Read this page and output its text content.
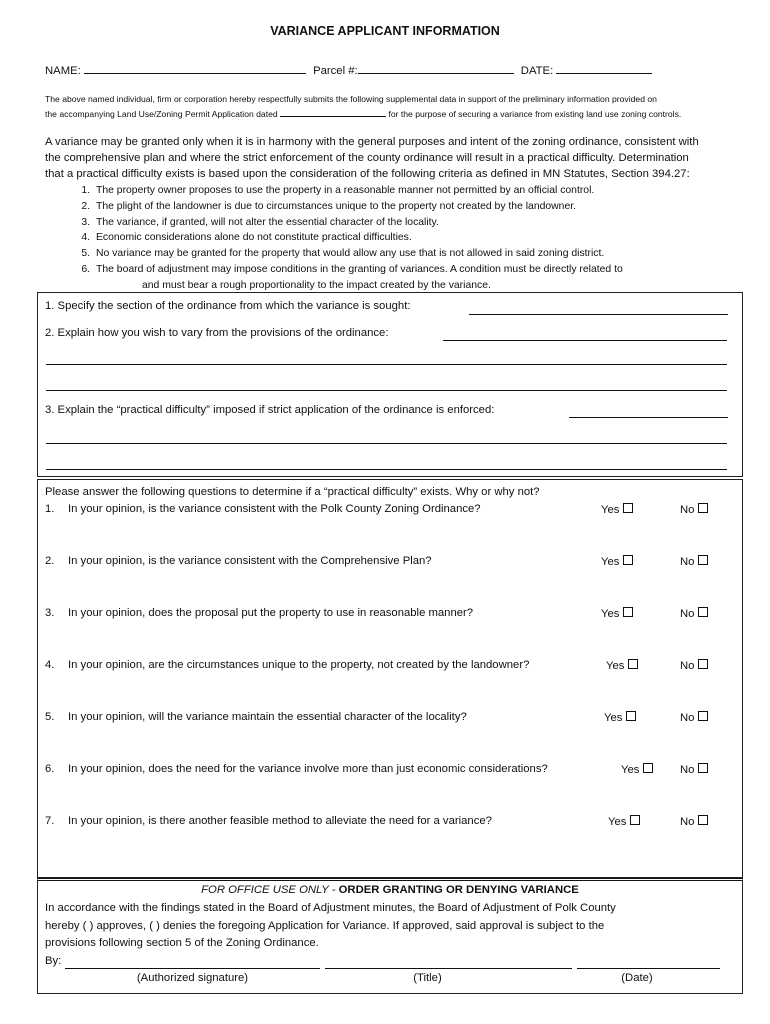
VARIANCE APPLICANT INFORMATION
NAME:	Parcel #:	DATE:
The above named individual, firm or corporation hereby respectfully submits the following supplemental data in support of the preliminary information provided on
the accompanying Land Use/Zoning Permit Application dated	for the purpose of securing a variance from existing land use zoning controls.
A variance may be granted only when it is in harmony with the general purposes and intent of the zoning ordinance, consistent with
the comprehensive plan and where the strict enforcement of the county ordinance will result in a practical difficulty. Determination
that a practical difficulty exists is based upon the consideration of the following criteria as defined in MN Statutes, Section 394.27:
1. The property owner proposes to use the property in a reasonable manner not permitted by an official control.
2. The plight of the landowner is due to circumstances unique to the property not created by the landowner.
3. The variance, if granted, will not alter the essential character of the locality.
4. Economic considerations alone do not constitute practical difficulties.
5. No variance may be granted for the property that would allow any use that is not allowed in said zoning district.
6. The board of adjustment may impose conditions in the granting of variances. A condition must be directly related to
and must bear a rough proportionality to the impact created by the variance.
1. Specify the section of the ordinance from which the variance is sought:
2. Explain how you wish to vary from the provisions of the ordinance:
3. Explain the “practical difficulty” imposed if strict application of the ordinance is enforced:
Please answer the following questions to determine if a “practical difficulty” exists. Why or why not?
1. In your opinion, is the variance consistent with the Polk County Zoning Ordinance?	Yes	No
2. In your opinion, is the variance consistent with the Comprehensive Plan?	Yes	No
3. In your opinion, does the proposal put the property to use in reasonable manner?	Yes	No
4. In your opinion, are the circumstances unique to the property, not created by the landowner?	Yes	No
5. In your opinion, will the variance maintain the essential character of the locality?	Yes	No
6. In your opinion, does the need for the variance involve more than just economic considerations?	Yes	No
7. In your opinion, is there another feasible method to alleviate the need for a variance?	Yes	No
FOR OFFICE USE ONLY - ORDER GRANTING OR DENYING VARIANCE
In accordance with the findings stated in the Board of Adjustment minutes, the Board of Adjustment of Polk County
hereby ( ) approves, ( ) denies the foregoing Application for Variance. If approved, said approval is subject to the
provisions following section 5 of the Zoning Ordinance.
By:
(Authorized signature)	(Title)	(Date)
